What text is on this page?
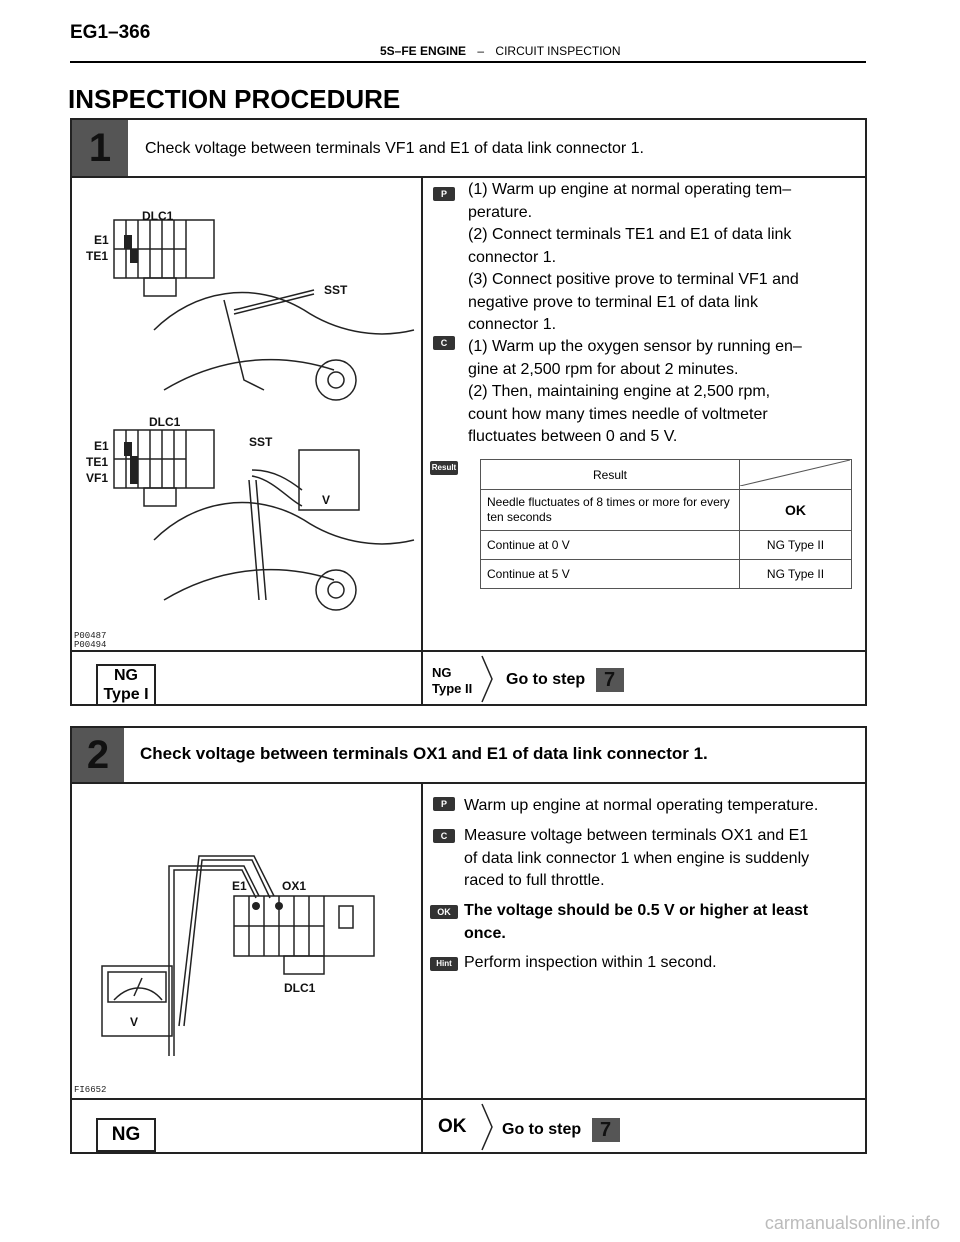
EG1–366
5S–FE ENGINE – CIRCUIT INSPECTION
INSPECTION PROCEDURE
1	Check voltage between terminals VF1 and E1 of data link connector 1.
DLC1
E1
TE1
SST
DLC1
E1
TE1
VF1
SST
V
P00487
P00494
P	(1) Warm up engine at normal operating tem–
perature.
(2) Connect terminals TE1 and E1 of data link
connector 1.
(3) Connect positive prove to terminal VF1 and
negative prove to terminal E1 of data link
connector 1.
C	(1) Warm up the oxygen sensor by running en–
gine at 2,500 rpm for about 2 minutes.
(2) Then, maintaining engine at 2,500 rpm,
count how many times needle of voltmeter
fluctuates between 0 and 5 V.
Result	Result	
Needle fluctuates of 8 times or more for every ten seconds	OK
Continue at 0 V	NG Type II
Continue at 5 V	NG Type II
NG
Type I
NG
Type II
Go to step 7
2	Check voltage between terminals OX1 and E1 of data link connector 1.
E1	OX1
DLC1
V
FI6652
P	Warm up engine at normal operating temperature.
C	Measure voltage between terminals OX1 and E1
of data link connector 1 when engine is suddenly
raced to full throttle.
OK The voltage should be 0.5 V or higher at least
once.
Hint Perform inspection within 1 second.
NG	OK Go to step 7
carmanualsonline.info
